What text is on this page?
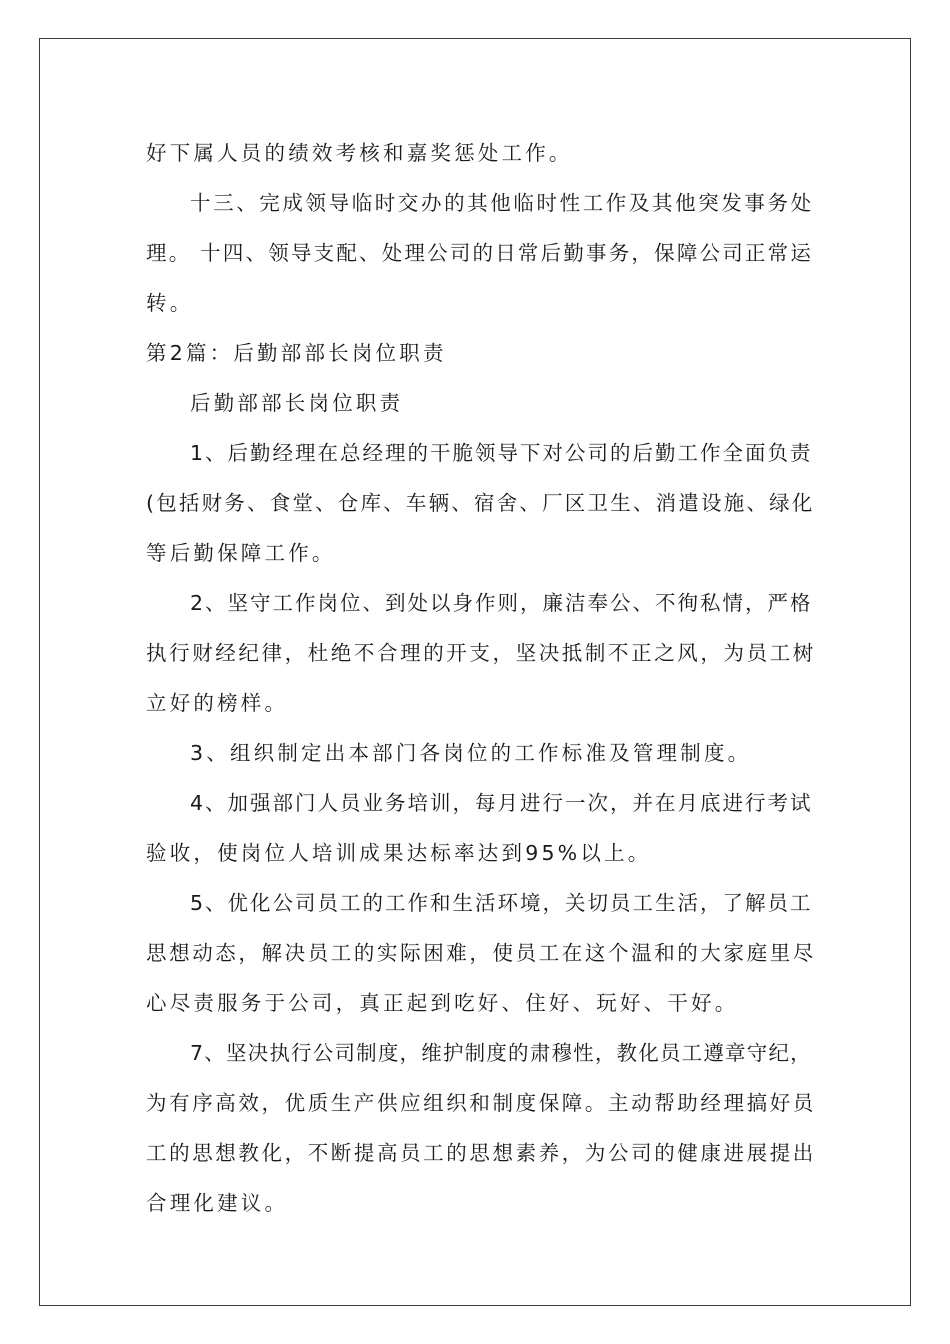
好下属人员的绩效考核和嘉奖惩处工作。
十三、完成领导临时交办的其他临时性工作及其他突发事务处
理。 十四、领导支配、处理公司的日常后勤事务，保障公司正常运
转。
第2篇：后勤部部长岗位职责
后勤部部长岗位职责
1、后勤经理在总经理的干脆领导下对公司的后勤工作全面负责
(包括财务、食堂、仓库、车辆、宿舍、厂区卫生、消遣设施、绿化
等后勤保障工作。
2、坚守工作岗位、到处以身作则，廉洁奉公、不徇私情，严格
执行财经纪律，杜绝不合理的开支，坚决抵制不正之风，为员工树
立好的榜样。
3、组织制定出本部门各岗位的工作标准及管理制度。
4、加强部门人员业务培训，每月进行一次，并在月底进行考试
验收，使岗位人培训成果达标率达到95%以上。
5、优化公司员工的工作和生活环境，关切员工生活，了解员工
思想动态，解决员工的实际困难，使员工在这个温和的大家庭里尽
心尽责服务于公司，真正起到吃好、住好、玩好、干好。
7、坚决执行公司制度，维护制度的肃穆性，教化员工遵章守纪，
为有序高效，优质生产供应组织和制度保障。主动帮助经理搞好员
工的思想教化，不断提高员工的思想素养，为公司的健康进展提出
合理化建议。
